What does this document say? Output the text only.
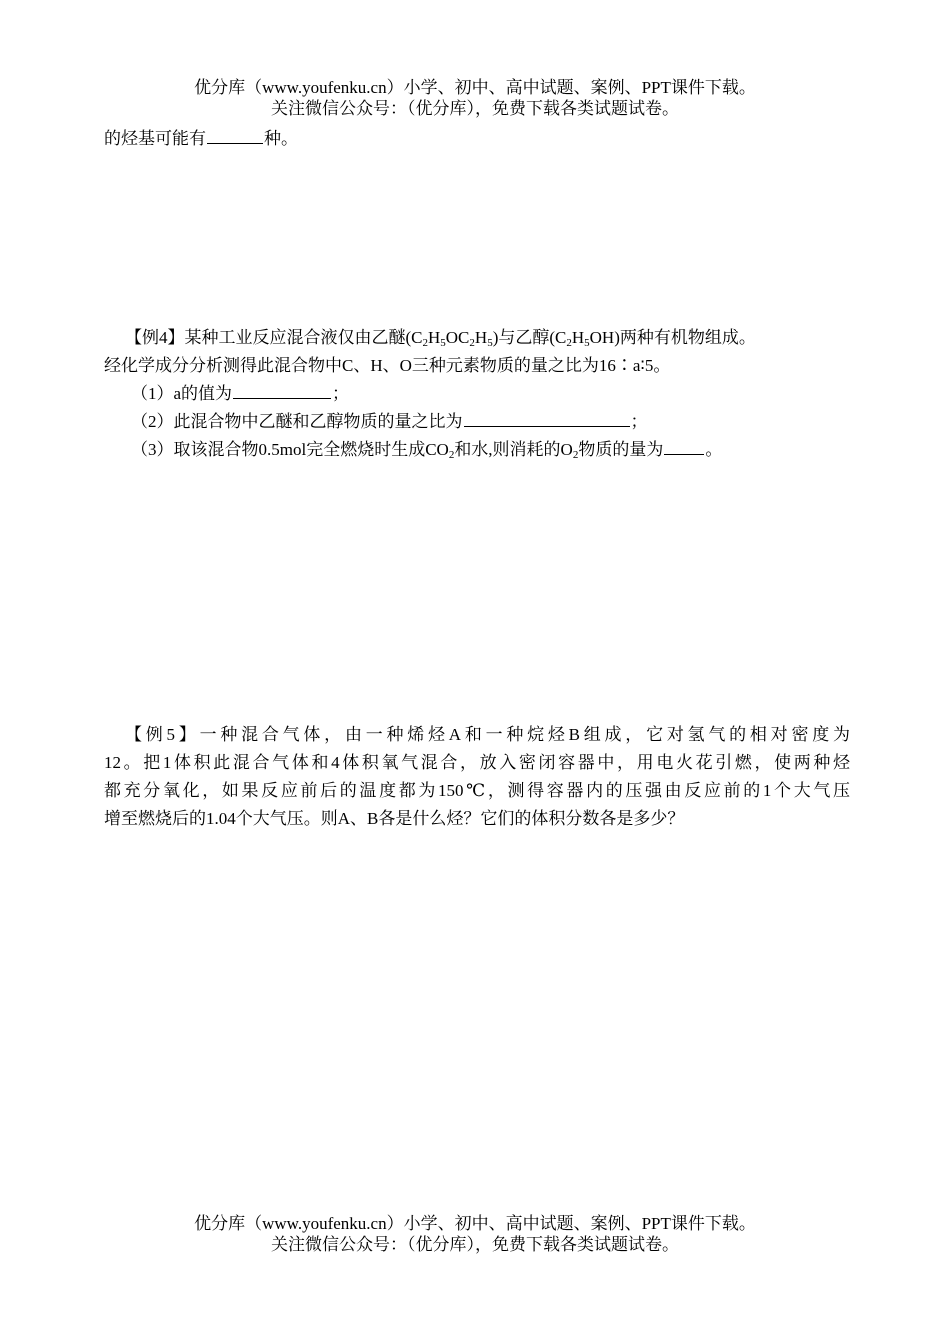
优分库（www.youfenku.cn）小学、初中、高中试题、案例、PPT课件下载。
关注微信公众号：（优分库），免费下载各类试题试卷。
的烃基可能有	种。
【例4】某种工业反应混合液仅由乙醚$(C_2H_5OC_2H_5)$与乙醇$(C_2H_5OH)$两种有机物组成。
经化学成分分析测得此混合物中C、H、O三种元素物质的量之比为16∶a∶5。
（1）a的值为	；
（2）此混合物中乙醚和乙醇物质的量之比为	；
（3）取该混合物0.5mol完全燃烧时生成$CO_2$和水,则消耗的$O_2$物质的量为 。
【例5】一种混合气体，由一种烯烃A和一种烷烃B组成，它对氢气的相对密度为
12。把1体积此混合气体和4体积氧气混合，放入密闭容器中，用电火花引燃，使两种烃
都充分氧化，如果反应前后的温度都为150℃，测得容器内的压强由反应前的1个大气压
增至燃烧后的1.04个大气压。则A、B各是什么烃？它们的体积分数各是多少？
优分库（www.youfenku.cn）小学、初中、高中试题、案例、PPT课件下载。
关注微信公众号：（优分库），免费下载各类试题试卷。
